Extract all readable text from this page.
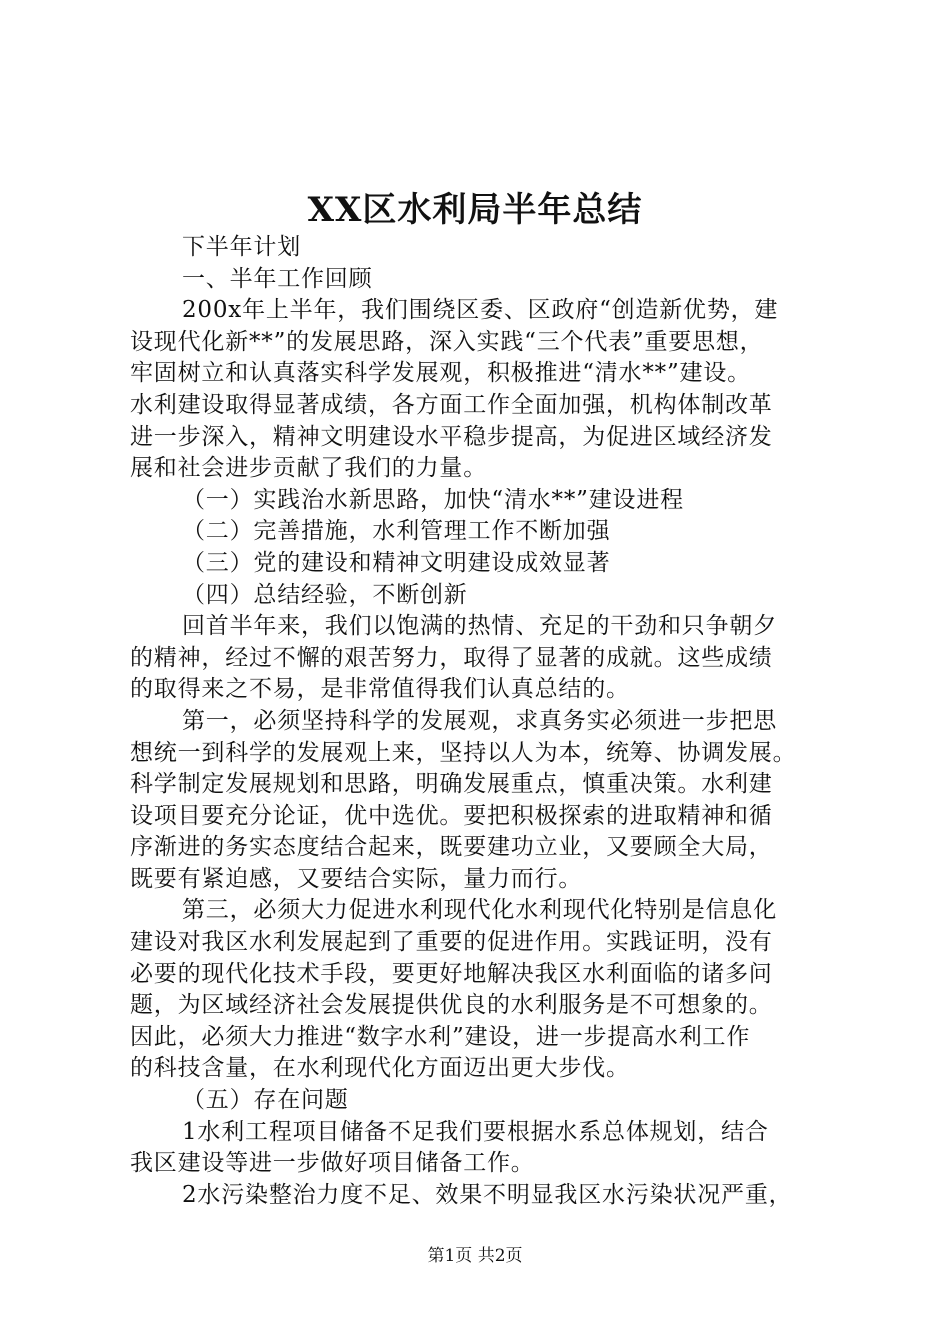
XX区水利局半年总结
下半年计划
一、半年工作回顾
200x年上半年，我们围绕区委、区政府“创造新优势，建
设现代化新**”的发展思路，深入实践“三个代表”重要思想，
牢固树立和认真落实科学发展观，积极推进“清水**”建设。
水利建设取得显著成绩，各方面工作全面加强，机构体制改革
进一步深入，精神文明建设水平稳步提高，为促进区域经济发
展和社会进步贡献了我们的力量。
（一）实践治水新思路，加快“清水**”建设进程
（二）完善措施，水利管理工作不断加强
（三）党的建设和精神文明建设成效显著
（四）总结经验，不断创新
回首半年来，我们以饱满的热情、充足的干劲和只争朝夕
的精神，经过不懈的艰苦努力，取得了显著的成就。这些成绩
的取得来之不易，是非常值得我们认真总结的。
第一，必须坚持科学的发展观，求真务实必须进一步把思
想统一到科学的发展观上来，坚持以人为本，统筹、协调发展。
科学制定发展规划和思路，明确发展重点，慎重决策。水利建
设项目要充分论证，优中选优。要把积极探索的进取精神和循
序渐进的务实态度结合起来，既要建功立业，又要顾全大局，
既要有紧迫感，又要结合实际，量力而行。
第三，必须大力促进水利现代化水利现代化特别是信息化
建设对我区水利发展起到了重要的促进作用。实践证明，没有
必要的现代化技术手段，要更好地解决我区水利面临的诸多问
题，为区域经济社会发展提供优良的水利服务是不可想象的。
因此，必须大力推进“数字水利”建设，进一步提高水利工作
的科技含量，在水利现代化方面迈出更大步伐。
（五）存在问题
1水利工程项目储备不足我们要根据水系总体规划，结合
我区建设等进一步做好项目储备工作。
2水污染整治力度不足、效果不明显我区水污染状况严重，
第1页 共2页
